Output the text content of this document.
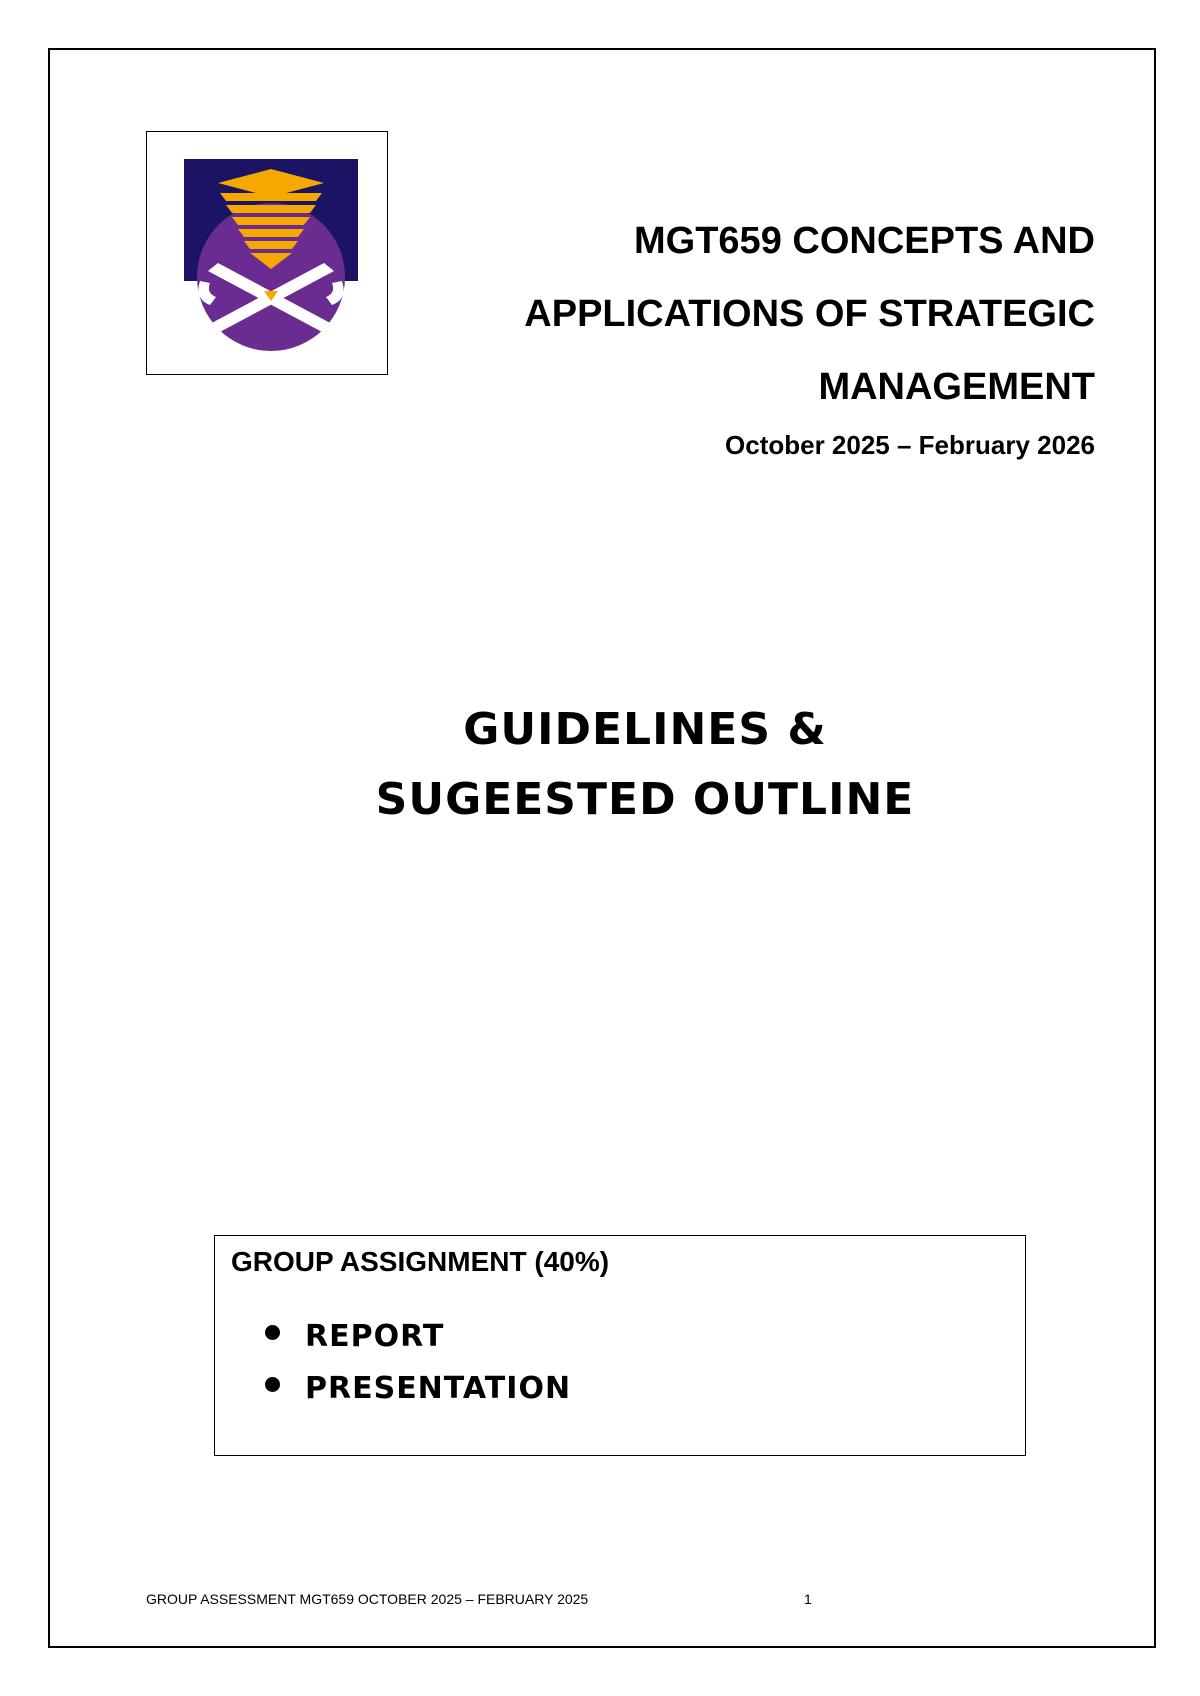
MGT659 CONCEPTS AND
APPLICATIONS OF STRATEGIC
MANAGEMENT
October 2025 – February 2026
GUIDELINES &
SUGEESTED OUTLINE
GROUP ASSIGNMENT (40%)
REPORT
PRESENTATION
GROUP ASSESSMENT MGT659 OCTOBER 2025 – FEBRUARY 2025	1
